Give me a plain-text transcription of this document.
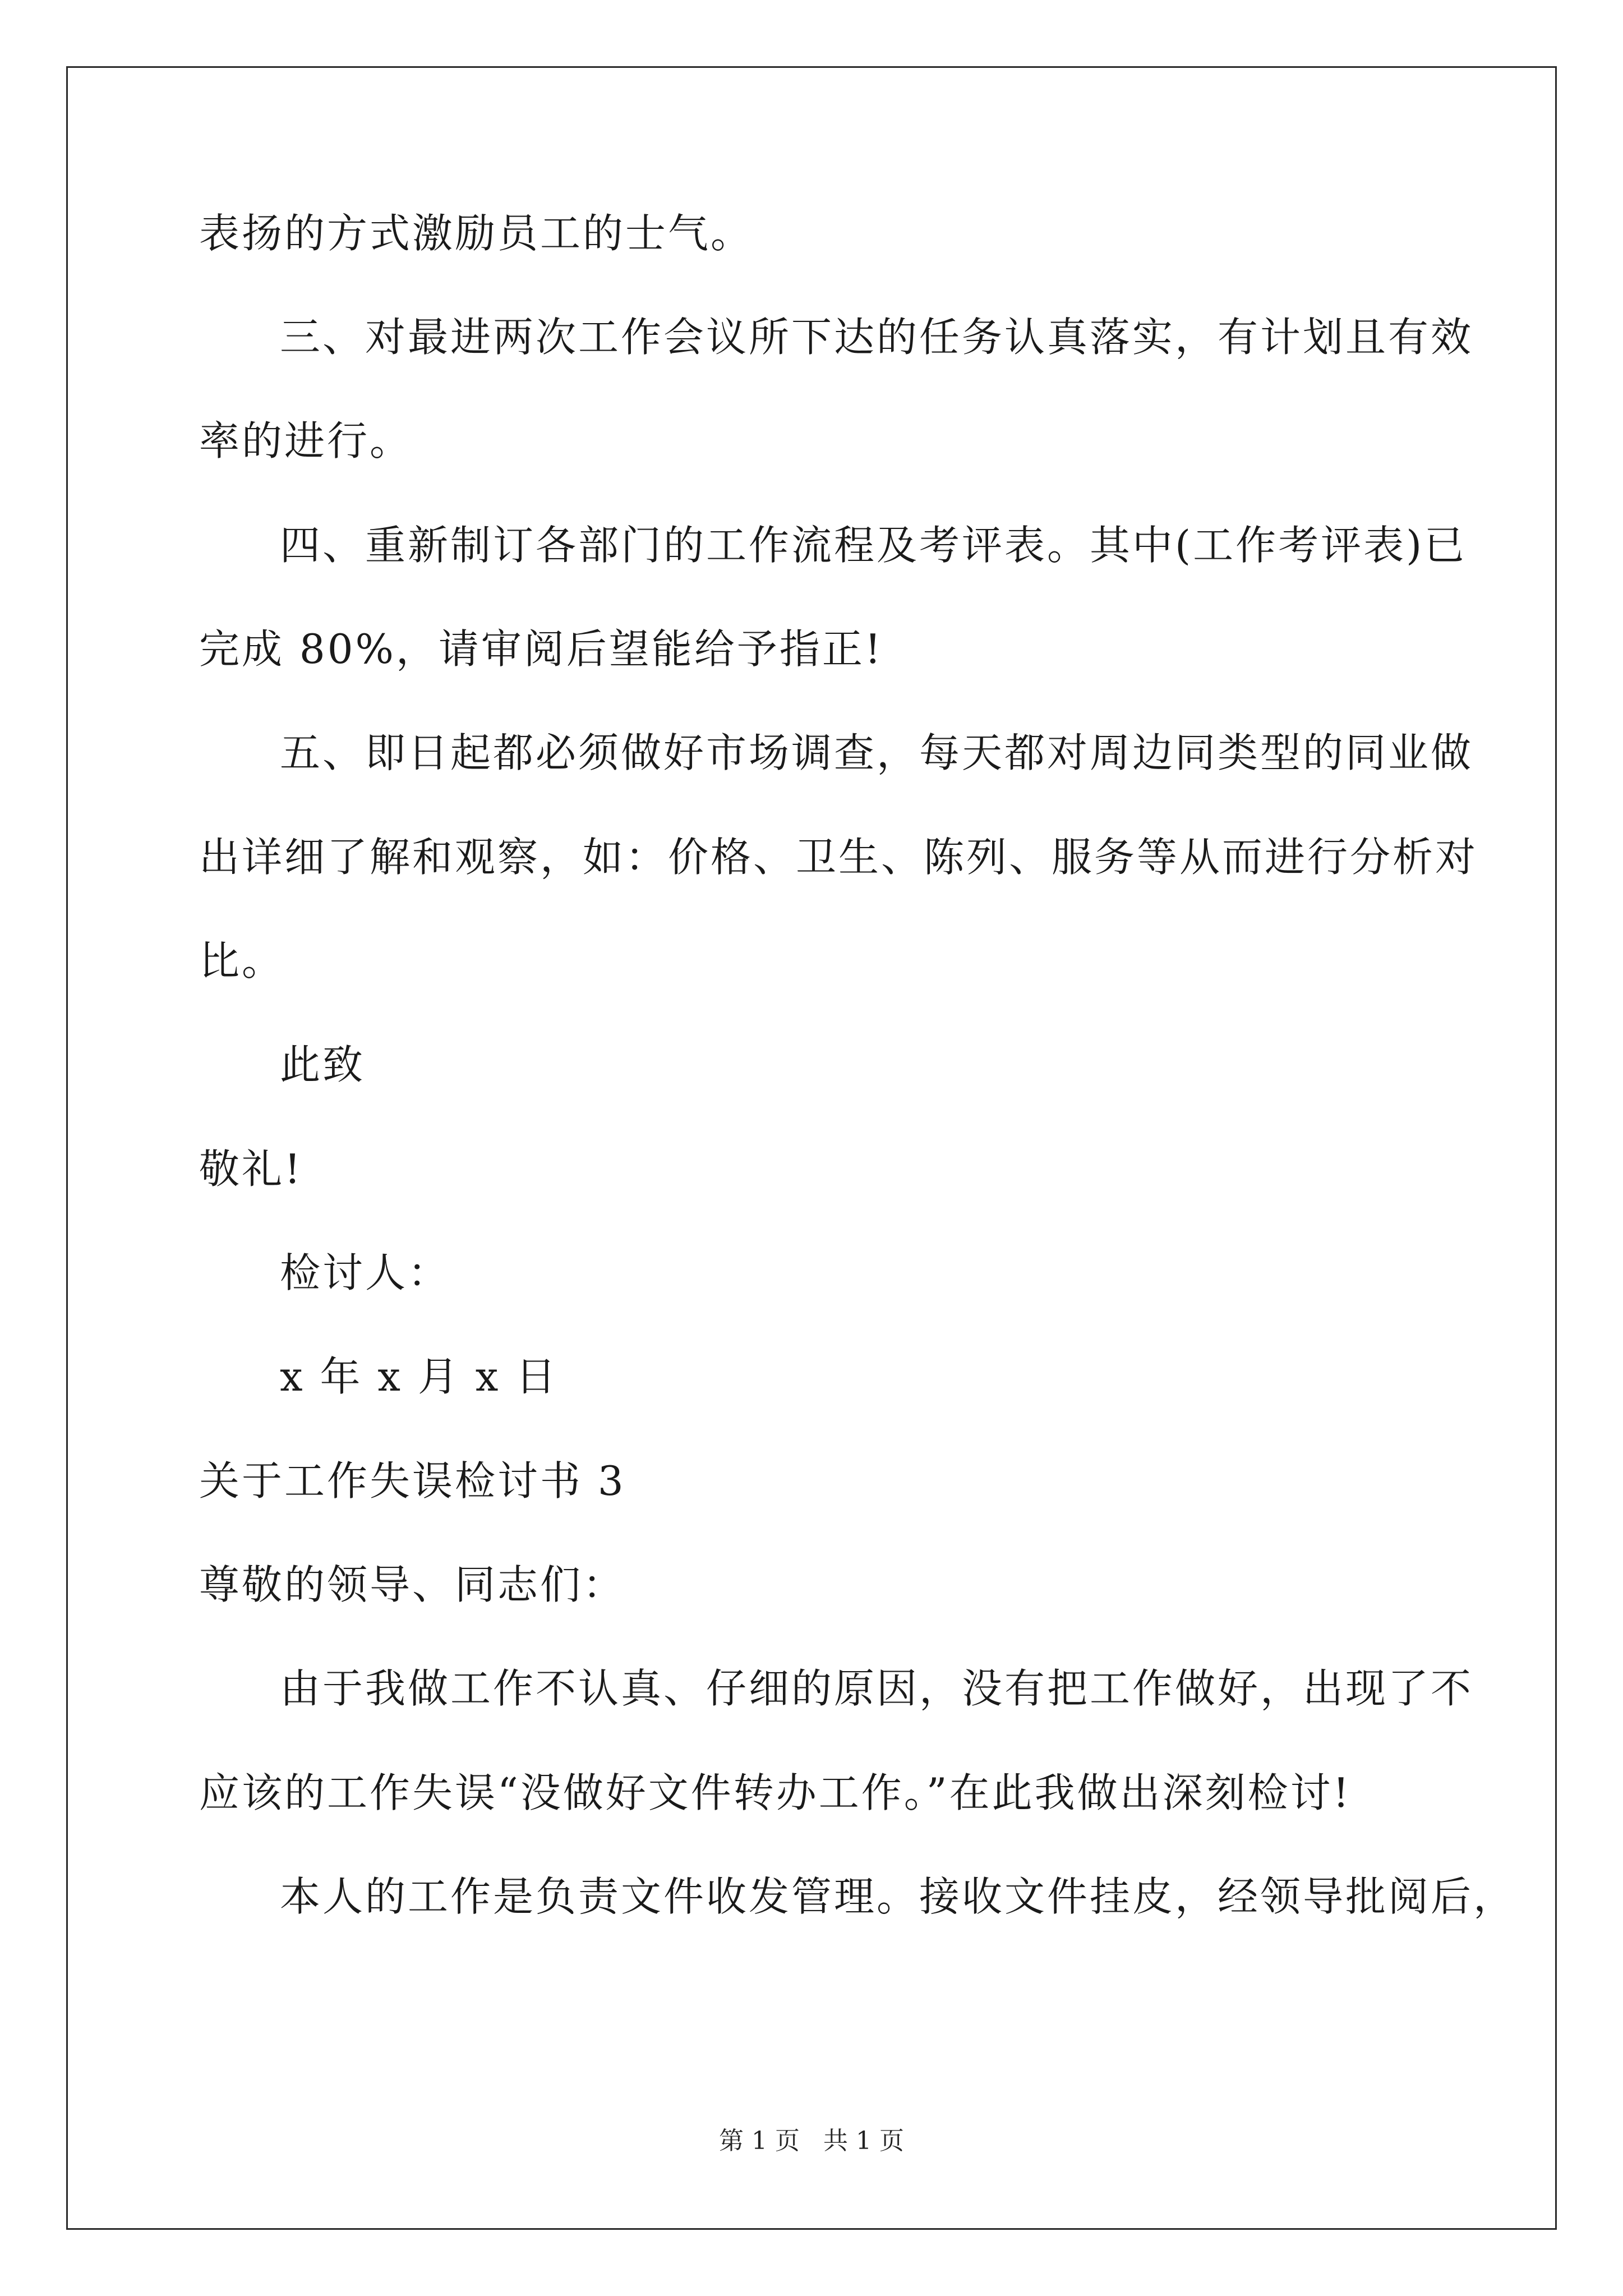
表扬的方式激励员工的士气。
三、对最进两次工作会议所下达的任务认真落实，有计划且有效
率的进行。
四、重新制订各部门的工作流程及考评表。其中(工作考评表)已
完成 80%，请审阅后望能给予指正!
五、即日起都必须做好市场调查，每天都对周边同类型的同业做
出详细了解和观察，如：价格、卫生、陈列、服务等从而进行分析对
比。
此致
敬礼!
检讨人：
x 年 x 月 x 日
关于工作失误检讨书 3
尊敬的领导、同志们：
由于我做工作不认真、仔细的原因，没有把工作做好，出现了不
应该的工作失误“没做好文件转办工作。”在此我做出深刻检讨!
本人的工作是负责文件收发管理。接收文件挂皮，经领导批阅后，
第 1 页   共 1 页
